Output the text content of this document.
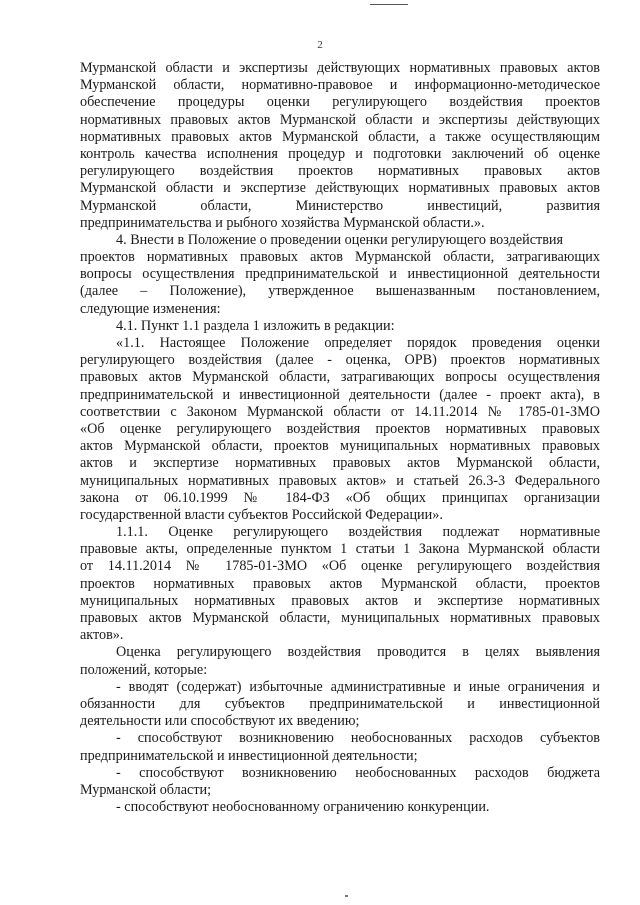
2
Мурманской области и экспертизы действующих нормативных правовых актов
Мурманской области, нормативно-правовое и информационно-методическое
обеспечение процедуры оценки регулирующего воздействия проектов
нормативных правовых актов Мурманской области и экспертизы действующих
нормативных правовых актов Мурманской области, а также осуществляющим
контроль качества исполнения процедур и подготовки заключений об оценке
регулирующего воздействия проектов нормативных правовых актов
Мурманской области и экспертизе действующих нормативных правовых актов
Мурманской области, Министерство инвестиций, развития
предпринимательства и рыбного хозяйства Мурманской области.».
4. Внести в Положение о проведении оценки регулирующего воздействия
проектов нормативных правовых актов Мурманской области, затрагивающих
вопросы осуществления предпринимательской и инвестиционной деятельности
(далее – Положение), утвержденное вышеназванным постановлением,
следующие изменения:
4.1. Пункт 1.1 раздела 1 изложить в редакции:
«1.1. Настоящее Положение определяет порядок проведения оценки
регулирующего воздействия (далее - оценка, ОРВ) проектов нормативных
правовых актов Мурманской области, затрагивающих вопросы осуществления
предпринимательской и инвестиционной деятельности (далее - проект акта), в
соответствии с Законом Мурманской области от 14.11.2014 № 1785-01-ЗМО
«Об оценке регулирующего воздействия проектов нормативных правовых
актов Мурманской области, проектов муниципальных нормативных правовых
актов и экспертизе нормативных правовых актов Мурманской области,
муниципальных нормативных правовых актов» и статьей 26.3-3 Федерального
закона от 06.10.1999 № 184-ФЗ «Об общих принципах организации
государственной власти субъектов Российской Федерации».
1.1.1. Оценке регулирующего воздействия подлежат нормативные
правовые акты, определенные пунктом 1 статьи 1 Закона Мурманской области
от 14.11.2014 № 1785-01-ЗМО «Об оценке регулирующего воздействия
проектов нормативных правовых актов Мурманской области, проектов
муниципальных нормативных правовых актов и экспертизе нормативных
правовых актов Мурманской области, муниципальных нормативных правовых
актов».
Оценка регулирующего воздействия проводится в целях выявления
положений, которые:
- вводят (содержат) избыточные административные и иные ограничения и
обязанности для субъектов предпринимательской и инвестиционной
деятельности или способствуют их введению;
- способствуют возникновению необоснованных расходов субъектов
предпринимательской и инвестиционной деятельности;
- способствуют возникновению необоснованных расходов бюджета
Мурманской области;
- способствуют необоснованному ограничению конкуренции.
